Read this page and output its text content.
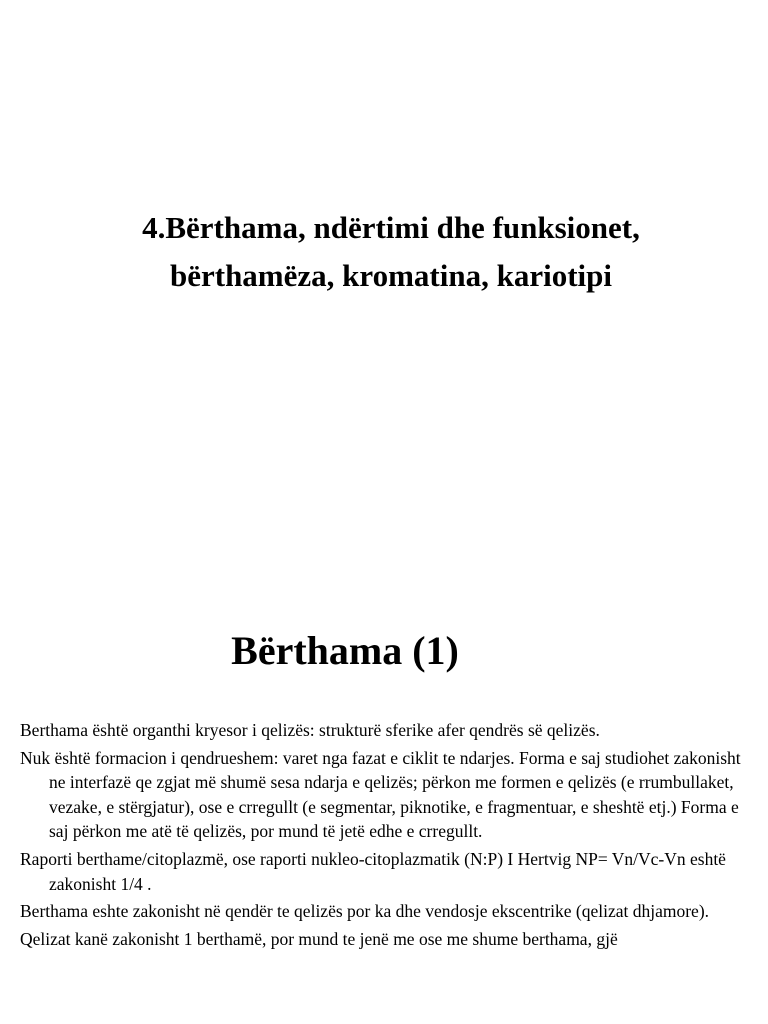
4.Bërthama, ndërtimi dhe funksionet,
bërthamëza, kromatina, kariotipi
Bërthama (1)
Berthama është organthi kryesor i qelizës: strukturë sferike afer qendrës së qelizës.
Nuk është formacion i qendrueshem: varet nga fazat e ciklit te ndarjes. Forma e saj studiohet zakonisht ne interfazë qe zgjat më shumë sesa ndarja e qelizës; përkon me formen e qelizës (e rrumbullaket, vezake, e stërgjatur), ose e crregullt (e segmentar, piknotike, e fragmentuar, e sheshtë etj.) Forma e saj përkon me atë të qelizës, por mund të jetë edhe e crregullt.
Raporti berthame/citoplazmë, ose raporti nukleo-citoplazmatik (N:P) I Hertvig NP= Vn/Vc-Vn eshtë zakonisht 1/4 .
Berthama eshte zakonisht në qendër te qelizës por ka dhe vendosje ekscentrike (qelizat dhjamore).
Qelizat kanë zakonisht 1 berthamë, por mund te jenë me ose me shume berthama, gjë
